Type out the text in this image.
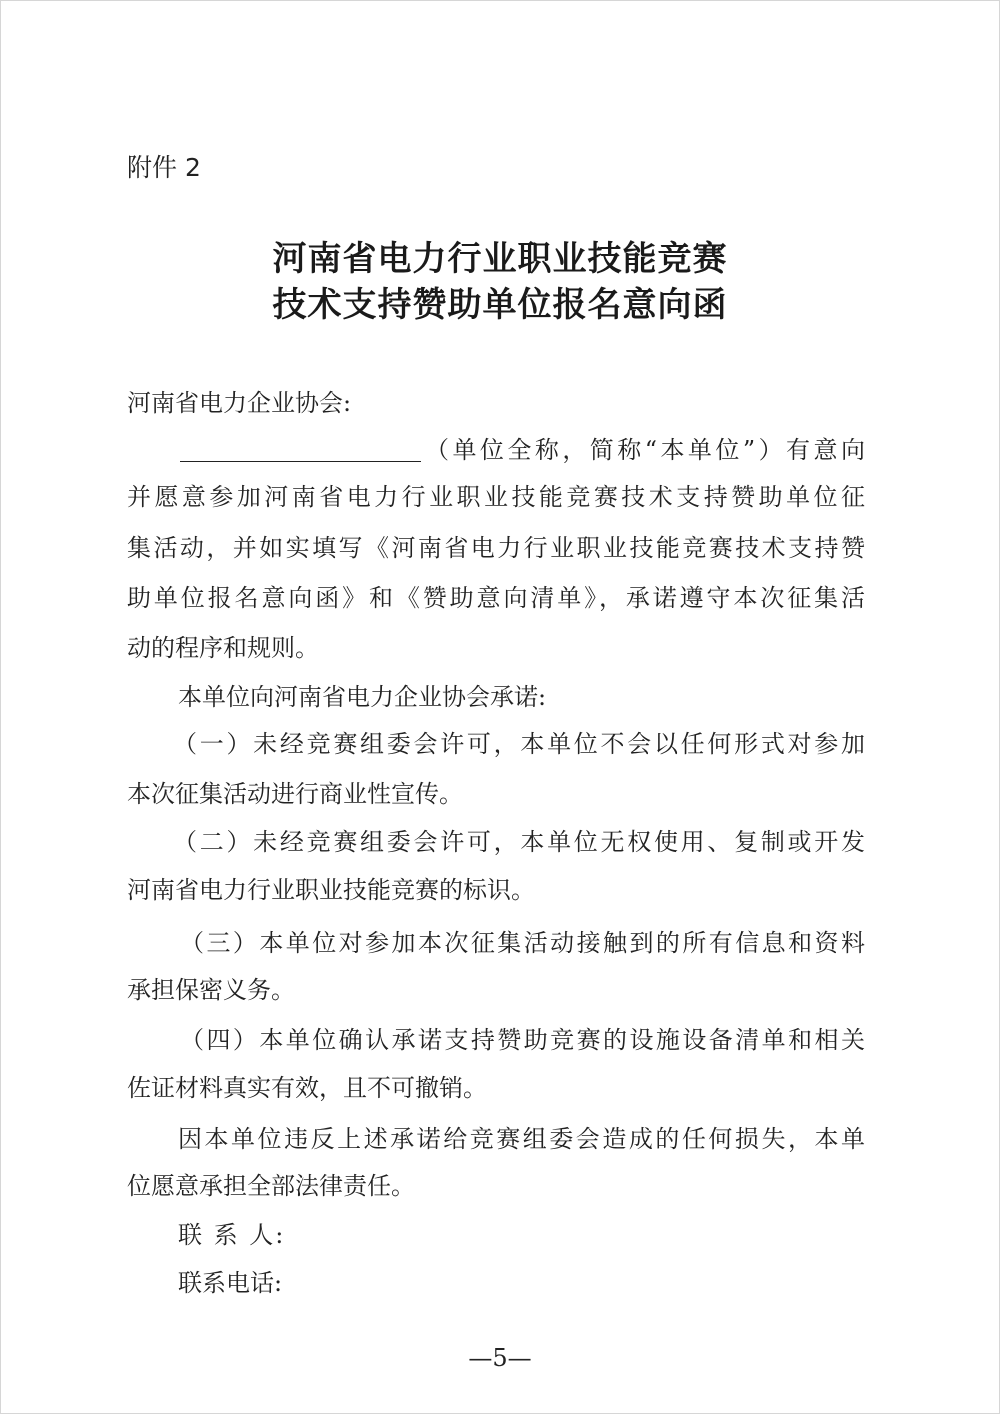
附件 2
河南省电力行业职业技能竞赛
技术支持赞助单位报名意向函
河南省电力企业协会:
（单位全称，简称“本单位”）有意向
并愿意参加河南省电力行业职业技能竞赛技术支持赞助单位征
集活动，并如实填写《河南省电力行业职业技能竞赛技术支持赞
助单位报名意向函》和《赞助意向清单》，承诺遵守本次征集活
动的程序和规则。
本单位向河南省电力企业协会承诺:
（一）未经竞赛组委会许可，本单位不会以任何形式对参加
本次征集活动进行商业性宣传。
（二）未经竞赛组委会许可，本单位无权使用、复制或开发
河南省电力行业职业技能竞赛的标识。
（三）本单位对参加本次征集活动接触到的所有信息和资料
承担保密义务。
（四）本单位确认承诺支持赞助竞赛的设施设备清单和相关
佐证材料真实有效，且不可撤销。
因本单位违反上述承诺给竞赛组委会造成的任何损失，本单
位愿意承担全部法律责任。
联 系 人:
联系电话:
—5—
